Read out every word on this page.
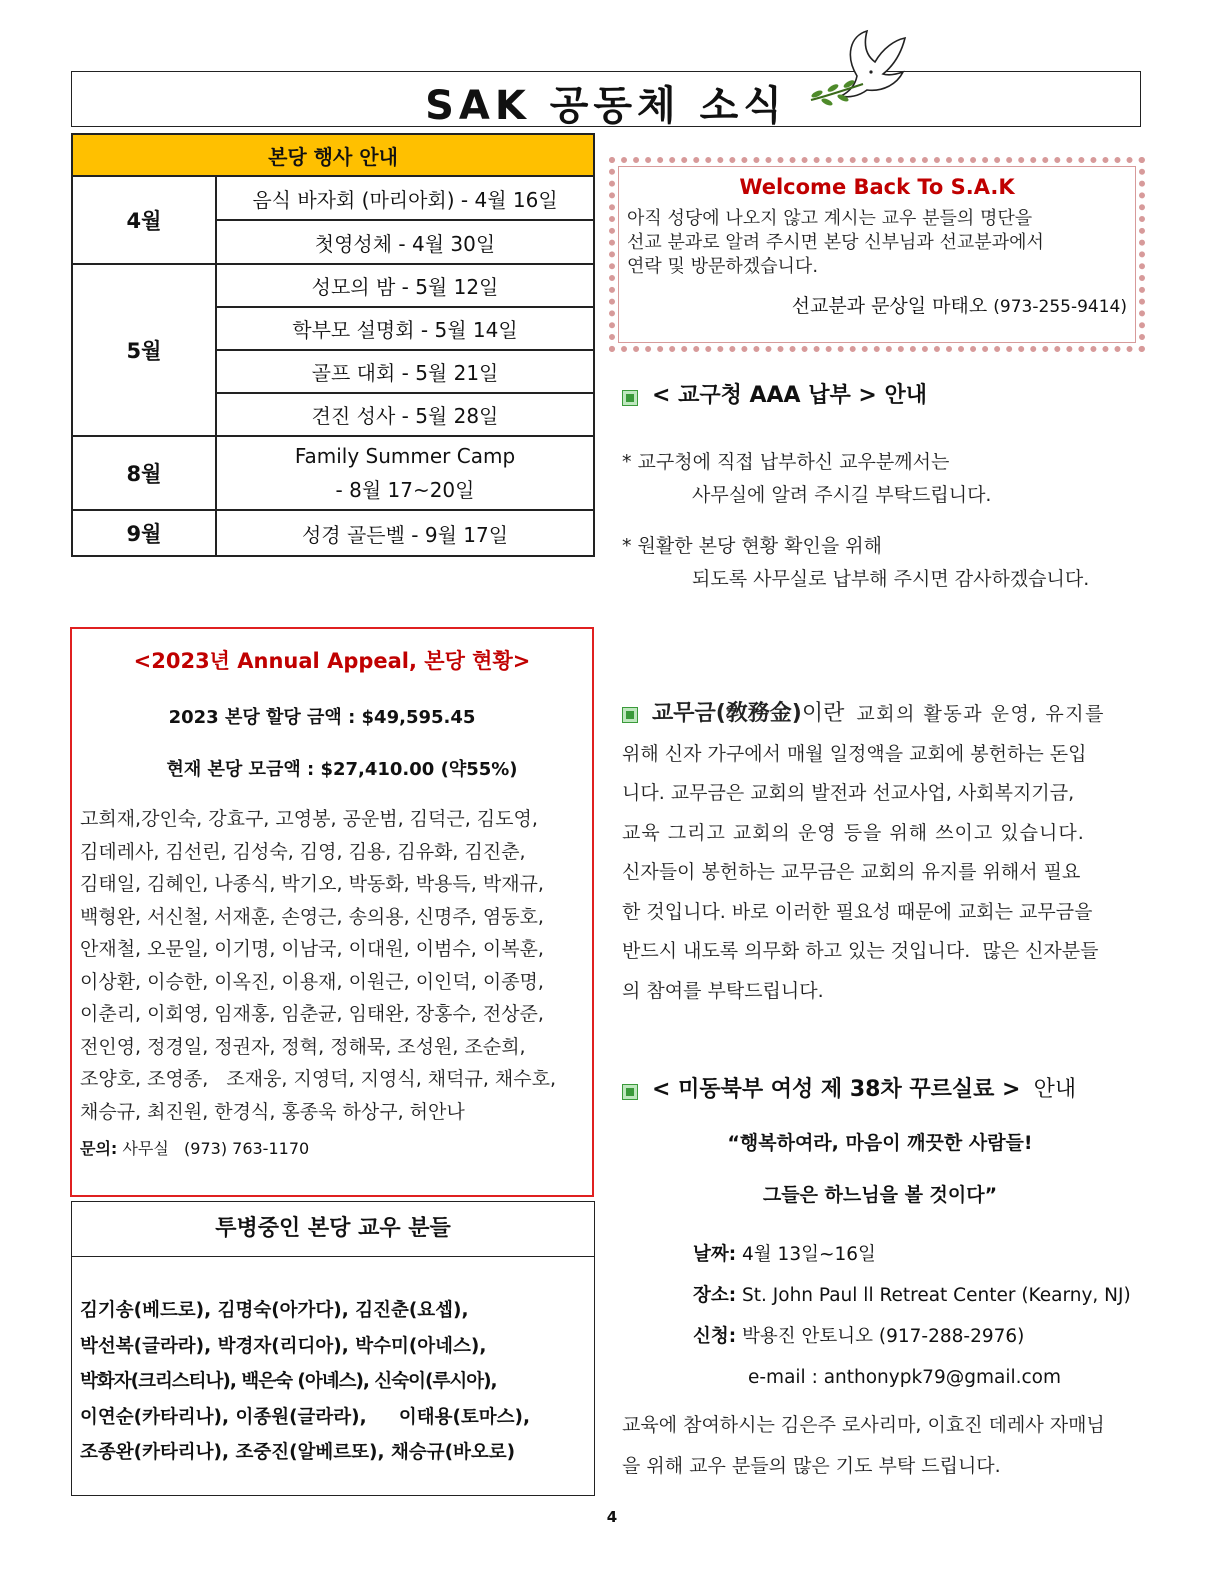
SAK 공동체 소식
본당 행사 안내	
4월	음식 바자회 (마리아회) - 4월 16일
	첫영성체 - 4월 30일
5월	성모의 밤 - 5월 12일
	학부모 설명회 - 5월 14일
	골프 대회 - 5월 21일
	견진 성사 - 5월 28일
8월	Family Summer Camp
- 8월 17~20일

9월	성경 골든벨 - 9월 17일
Welcome Back To S.A.K
아직 성당에 나오지 않고 계시는 교우 분들의 명단을
선교 분과로 알려 주시면 본당 신부님과 선교분과에서
연락 및 방문하겠습니다.
선교분과 문상일 마태오 (973-255-9414)
< 교구청 AAA 납부 > 안내
* 교구청에 직접 납부하신 교우분께서는
사무실에 알려 주시길 부탁드립니다.
* 원활한 본당 현황 확인을 위해
되도록 사무실로 납부해 주시면 감사하겠습니다.
<2023년 Annual Appeal, 본당 현황>
2023 본당 할당 금액 : $49,595.45
현재 본당 모금액 : $27,410.00 (약55%)
고희재,강인숙, 강효구, 고영봉, 공운범, 김덕근, 김도영,
김데레사, 김선린, 김성숙, 김영, 김용, 김유화, 김진춘,
김태일, 김혜인, 나종식, 박기오, 박동화, 박용득, 박재규,
백형완, 서신철, 서재훈, 손영근, 송의용, 신명주, 염동호,
안재철, 오문일, 이기명, 이남국, 이대원, 이범수, 이복훈,
이상환, 이승한, 이옥진, 이용재, 이원근, 이인덕, 이종명,
이춘리, 이회영, 임재홍, 임춘균, 임태완, 장홍수, 전상준,
전인영, 정경일, 정권자, 정혁, 정해묵, 조성원, 조순희,
조양호, 조영종,   조재웅, 지영덕, 지영식, 채덕규, 채수호,
채승규, 최진원, 한경식, 홍종욱 하상구, 허안나
문의: 사무실   (973) 763-1170
투병중인 본당 교우 분들
김기송(베드로), 김명숙(아가다), 김진춘(요셉),
박선복(글라라), 박경자(리디아), 박수미(아네스),
박화자(크리스티나), 백은숙 (아녜스), 신숙이(루시아),
이연순(카타리나), 이종원(글라라),     이태용(토마스),
조종완(카타리나), 조중진(알베르또), 채승규(바오로)
교무금(敎務金)이란 교회의 활동과 운영, 유지를
위해 신자 가구에서 매월 일정액을 교회에 봉헌하는 돈입
니다. 교무금은 교회의 발전과 선교사업, 사회복지기금,
교육 그리고 교회의 운영 등을 위해 쓰이고 있습니다.
신자들이 봉헌하는 교무금은 교회의 유지를 위해서 필요
한 것입니다. 바로 이러한 필요성 때문에 교회는 교무금을
반드시 내도록 의무화 하고 있는 것입니다.  많은 신자분들
의 참여를 부탁드립니다.
< 미동북부 여성 제 38차 꾸르실료 > 안내
“행복하여라, 마음이 깨끗한 사람들!
그들은 하느님을 볼 것이다”
날짜: 4월 13일~16일
장소: St. John Paul ll Retreat Center (Kearny, NJ)
신청: 박용진 안토니오 (917-288-2976)
e-mail : anthonypk79@gmail.com
교육에 참여하시는 김은주 로사리마, 이효진 데레사 자매님
을 위해 교우 분들의 많은 기도 부탁 드립니다.
4
